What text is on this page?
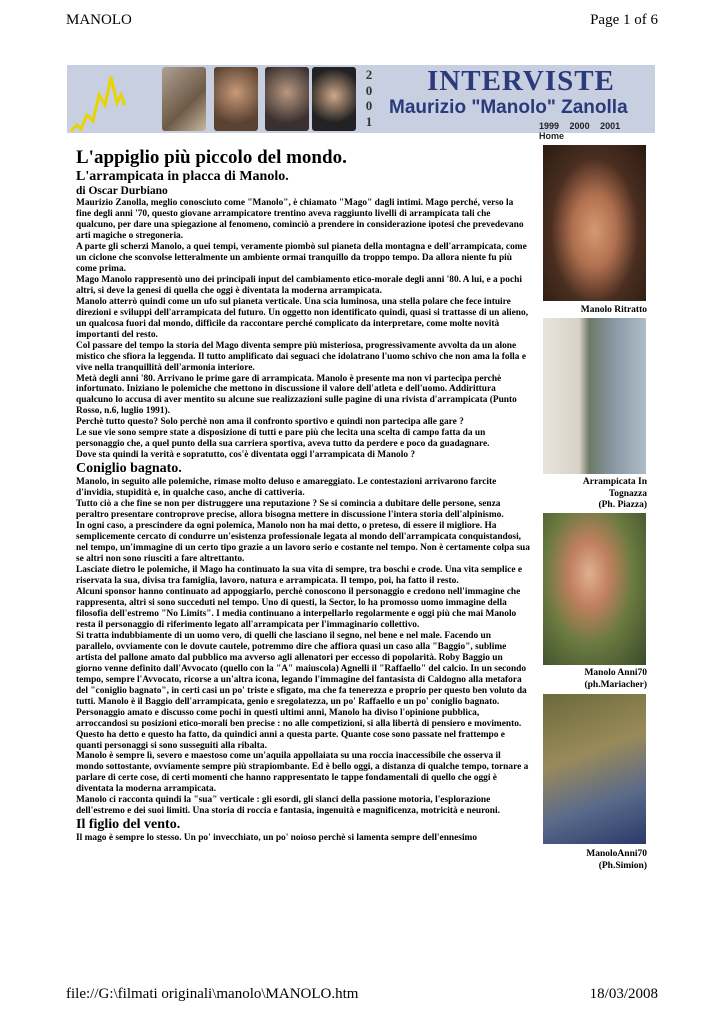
MANOLO	Page 1 of 6
2
0
0
1
INTERVISTE
Maurizio "Manolo" Zanolla
1999 2000 2001 Home
L'appiglio più piccolo del mondo.
L'arrampicata in placca di Manolo.
di Oscar Durbiano
Maurizio Zanolla, meglio conosciuto come "Manolo", è chiamato "Mago" dagli intimi. Mago perché, verso la fine degli anni '70, questo giovane arrampicatore trentino aveva raggiunto livelli di arrampicata tali che qualcuno, per dare una spiegazione al fenomeno, cominciò a prendere in considerazione ipotesi che prevedevano arti magiche o stregoneria.
A parte gli scherzi Manolo, a quei tempi, veramente piombò sul pianeta della montagna e dell'arrampicata, come un ciclone che sconvolse letteralmente un ambiente ormai tranquillo da troppo tempo. Da allora niente fu più come prima.
Mago Manolo rappresentò uno dei principali input del cambiamento etico-morale degli anni '80. A lui, e a pochi altri, si deve la genesi di quella che oggi è diventata la moderna arrampicata.
Manolo atterrò quindi come un ufo sul pianeta verticale. Una scia luminosa, una stella polare che fece intuire direzioni e sviluppi dell'arrampicata del futuro. Un oggetto non identificato quindi, quasi si trattasse di un alieno, un qualcosa fuori dal mondo, difficile da raccontare perché complicato da interpretare, come molte novità importanti del resto.
Col passare del tempo la storia del Mago diventa sempre più misteriosa, progressivamente avvolta da un alone mistico che sfiora la leggenda. Il tutto amplificato dai seguaci che idolatrano l'uomo schivo che non ama la folla e vive nella tranquillità dell'armonia interiore.
Metà degli anni '80. Arrivano le prime gare di arrampicata. Manolo è presente ma non vi partecipa perchè infortunato. Iniziano le polemiche che mettono in discussione il valore dell'atleta e dell'uomo. Addirittura qualcuno lo accusa di aver mentito su alcune sue realizzazioni sulle pagine di una rivista d'arrampicata (Punto Rosso, n.6, luglio 1991).
Perchè tutto questo? Solo perchè non ama il confronto sportivo e quindi non partecipa alle gare ?
Le sue vie sono sempre state a disposizione di tutti e pare più che lecita una scelta di campo fatta da un personaggio che, a quel punto della sua carriera sportiva, aveva tutto da perdere e poco da guadagnare.
Dove sta quindi la verità e sopratutto, cos'è diventata oggi l'arrampicata di Manolo ?
Coniglio bagnato.
Manolo, in seguito alle polemiche, rimase molto deluso e amareggiato. Le contestazioni arrivarono farcite d'invidia, stupidità e, in qualche caso, anche di cattiveria.
Tutto ciò a che fine se non per distruggere una reputazione ? Se si comincia a dubitare delle persone, senza peraltro presentare controprove precise, allora bisogna mettere in discussione l'intera storia dell'alpinismo.
In ogni caso, a prescindere da ogni polemica, Manolo non ha mai detto, o preteso, di essere il migliore. Ha semplicemente cercato di condurre un'esistenza professionale legata al mondo dell'arrampicata conquistandosi, nel tempo, un'immagine di un certo tipo grazie a un lavoro serio e costante nel tempo. Non è certamente colpa sua se altri non sono riusciti a fare altrettanto.
Lasciate dietro le polemiche, il Mago ha continuato la sua vita di sempre, tra boschi e crode. Una vita semplice e riservata la sua, divisa tra famiglia, lavoro, natura e arrampicata. Il tempo, poi, ha fatto il resto.
Alcuni sponsor hanno continuato ad appoggiarlo, perchè conoscono il personaggio e credono nell'immagine che rappresenta, altri si sono succeduti nel tempo. Uno di questi, la Sector, lo ha promosso uomo immagine della filosofia dell'estremo "No Limits". I media continuano a interpellarlo regolarmente e oggi più che mai Manolo resta il personaggio di riferimento legato all'arrampicata per l'immaginario collettivo.
Si tratta indubbiamente di un uomo vero, di quelli che lasciano il segno, nel bene e nel male. Facendo un parallelo, ovviamente con le dovute cautele, potremmo dire che affiora quasi un caso alla "Baggio", sublime artista del pallone amato dal pubblico ma avverso agli allenatori per eccesso di popolarità. Roby Baggio un giorno venne definito dall'Avvocato (quello con la "A" maiuscola) Agnelli il "Raffaello" del calcio. In un secondo tempo, sempre l'Avvocato, ricorse a un'altra icona, legando l'immagine del fantasista di Caldogno alla metafora del "coniglio bagnato", in certi casi un po' triste e sfigato, ma che fa tenerezza e proprio per questo ben voluto da tutti. Manolo è il Baggio dell'arrampicata, genio e sregolatezza, un po' Raffaello e un po' coniglio bagnato.
Personaggio amato e discusso come pochi in questi ultimi anni, Manolo ha diviso l'opinione pubblica, arroccandosi su posizioni etico-morali ben precise : no alle competizioni, si alla libertà di pensiero e movimento. Questo ha detto e questo ha fatto, da quindici anni a questa parte. Quante cose sono passate nel frattempo e quanti personaggi si sono susseguiti alla ribalta.
Manolo è sempre lì, severo e maestoso come un'aquila appollaiata su una roccia inaccessibile che osserva il mondo sottostante, ovviamente sempre più strapiombante. Ed è bello oggi, a distanza di qualche tempo, tornare a parlare di certe cose, di certi momenti che hanno rappresentato le tappe fondamentali di quello che oggi è diventata la moderna arrampicata.
Manolo ci racconta quindi la "sua" verticale : gli esordi, gli slanci della passione motoria, l'esplorazione dell'estremo e dei suoi limiti. Una storia di roccia e fantasia, ingenuità e magnificenza, motricità e neuroni.
Il figlio del vento.
Il mago è sempre lo stesso. Un po' invecchiato, un po' noioso perchè si lamenta sempre dell'ennesimo
Manolo Ritratto
Arrampicata In
Tognazza
(Ph. Piazza)
Manolo Anni70
(ph.Mariacher)
ManoloAnni70
(Ph.Simion)
file://G:\filmati originali\manolo\MANOLO.htm	18/03/2008
